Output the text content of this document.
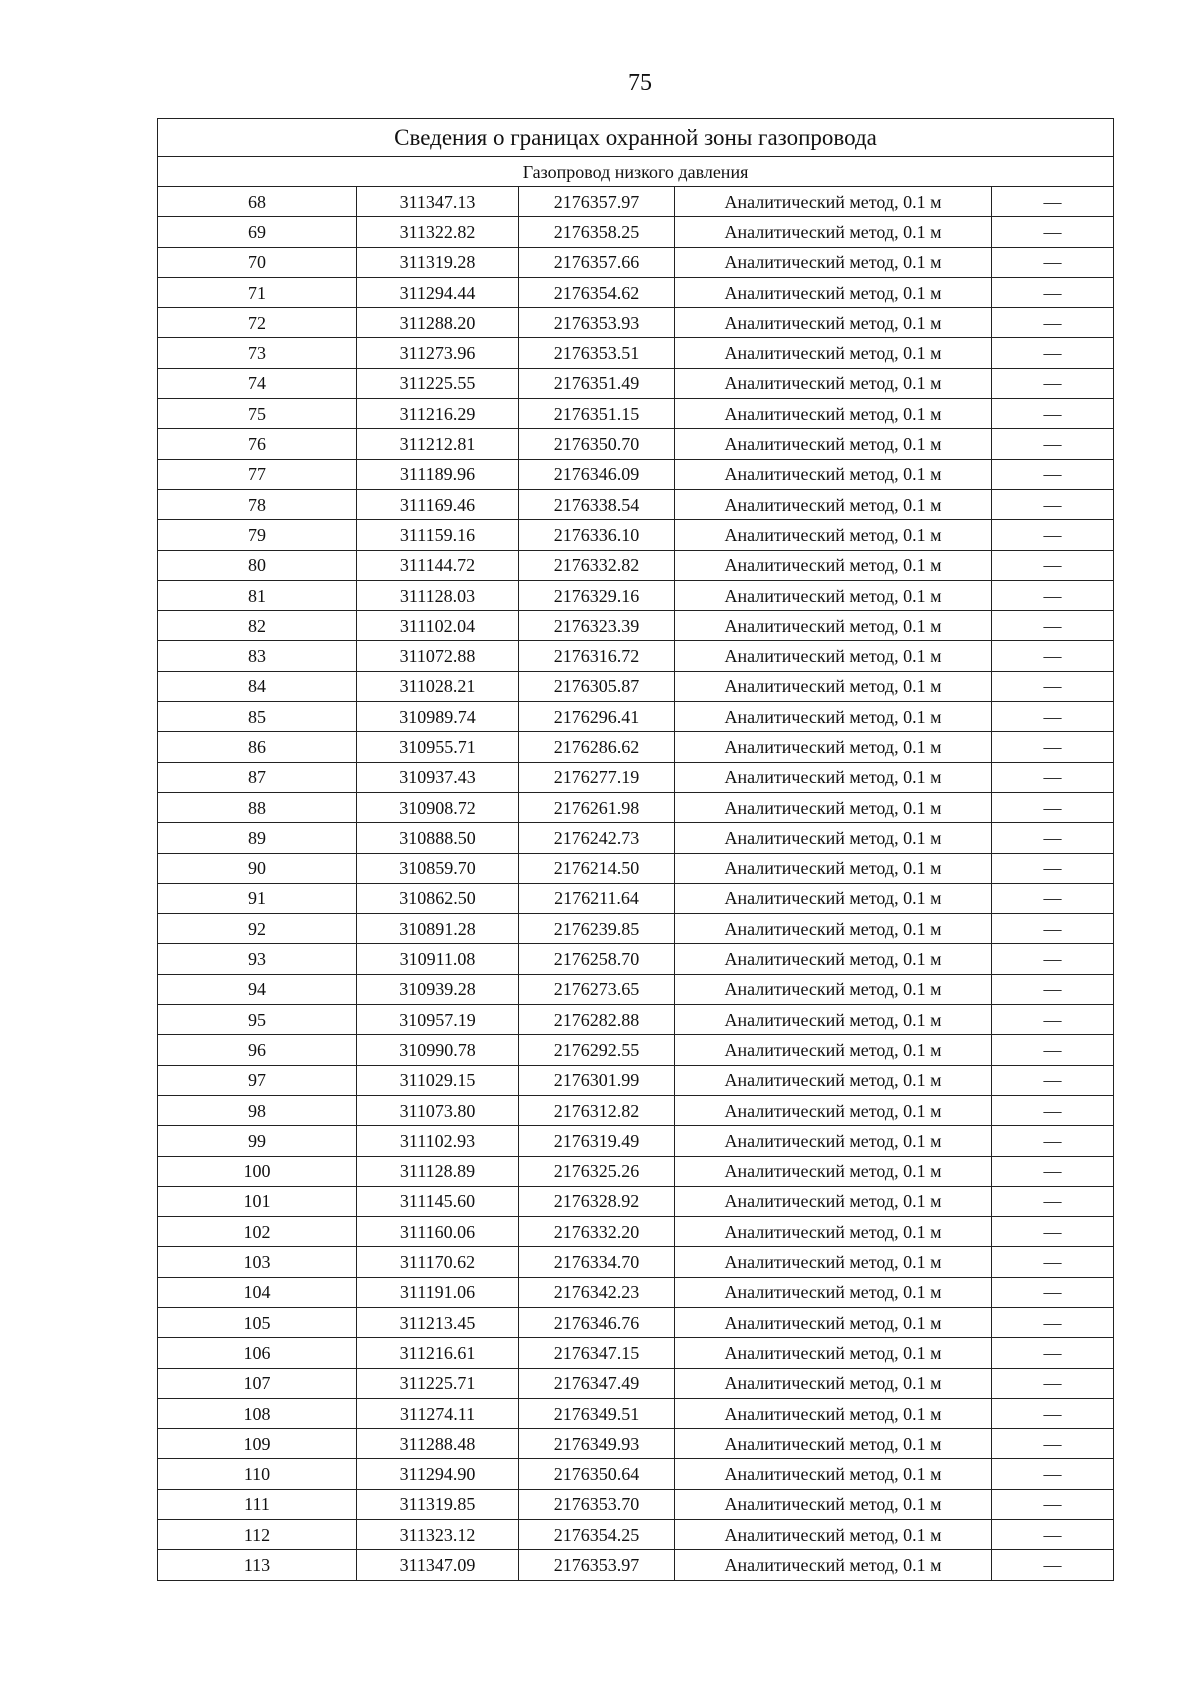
75
Сведения о границах охранной зоны газопровода				
Газопровод низкого давления				
68	311347.13	2176357.97	Аналитический метод, 0.1 м	—
69	311322.82	2176358.25	Аналитический метод, 0.1 м	—
70	311319.28	2176357.66	Аналитический метод, 0.1 м	—
71	311294.44	2176354.62	Аналитический метод, 0.1 м	—
72	311288.20	2176353.93	Аналитический метод, 0.1 м	—
73	311273.96	2176353.51	Аналитический метод, 0.1 м	—
74	311225.55	2176351.49	Аналитический метод, 0.1 м	—
75	311216.29	2176351.15	Аналитический метод, 0.1 м	—
76	311212.81	2176350.70	Аналитический метод, 0.1 м	—
77	311189.96	2176346.09	Аналитический метод, 0.1 м	—
78	311169.46	2176338.54	Аналитический метод, 0.1 м	—
79	311159.16	2176336.10	Аналитический метод, 0.1 м	—
80	311144.72	2176332.82	Аналитический метод, 0.1 м	—
81	311128.03	2176329.16	Аналитический метод, 0.1 м	—
82	311102.04	2176323.39	Аналитический метод, 0.1 м	—
83	311072.88	2176316.72	Аналитический метод, 0.1 м	—
84	311028.21	2176305.87	Аналитический метод, 0.1 м	—
85	310989.74	2176296.41	Аналитический метод, 0.1 м	—
86	310955.71	2176286.62	Аналитический метод, 0.1 м	—
87	310937.43	2176277.19	Аналитический метод, 0.1 м	—
88	310908.72	2176261.98	Аналитический метод, 0.1 м	—
89	310888.50	2176242.73	Аналитический метод, 0.1 м	—
90	310859.70	2176214.50	Аналитический метод, 0.1 м	—
91	310862.50	2176211.64	Аналитический метод, 0.1 м	—
92	310891.28	2176239.85	Аналитический метод, 0.1 м	—
93	310911.08	2176258.70	Аналитический метод, 0.1 м	—
94	310939.28	2176273.65	Аналитический метод, 0.1 м	—
95	310957.19	2176282.88	Аналитический метод, 0.1 м	—
96	310990.78	2176292.55	Аналитический метод, 0.1 м	—
97	311029.15	2176301.99	Аналитический метод, 0.1 м	—
98	311073.80	2176312.82	Аналитический метод, 0.1 м	—
99	311102.93	2176319.49	Аналитический метод, 0.1 м	—
100	311128.89	2176325.26	Аналитический метод, 0.1 м	—
101	311145.60	2176328.92	Аналитический метод, 0.1 м	—
102	311160.06	2176332.20	Аналитический метод, 0.1 м	—
103	311170.62	2176334.70	Аналитический метод, 0.1 м	—
104	311191.06	2176342.23	Аналитический метод, 0.1 м	—
105	311213.45	2176346.76	Аналитический метод, 0.1 м	—
106	311216.61	2176347.15	Аналитический метод, 0.1 м	—
107	311225.71	2176347.49	Аналитический метод, 0.1 м	—
108	311274.11	2176349.51	Аналитический метод, 0.1 м	—
109	311288.48	2176349.93	Аналитический метод, 0.1 м	—
110	311294.90	2176350.64	Аналитический метод, 0.1 м	—
111	311319.85	2176353.70	Аналитический метод, 0.1 м	—
112	311323.12	2176354.25	Аналитический метод, 0.1 м	—
113	311347.09	2176353.97	Аналитический метод, 0.1 м	—
